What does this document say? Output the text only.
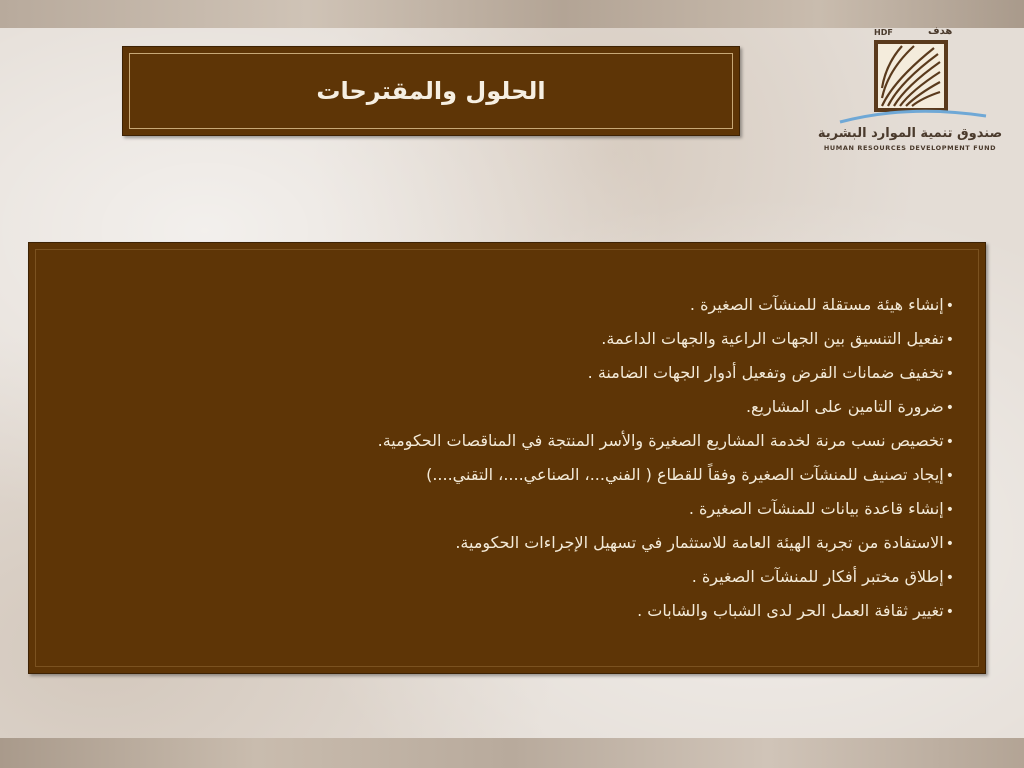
الحلول والمقترحات
HDF	هدف
صندوق تنمية الموارد البشرية
HUMAN RESOURCES DEVELOPMENT FUND
•إنشاء هيئة مستقلة للمنشآت الصغيرة .
•تفعيل التنسيق بين الجهات الراعية والجهات الداعمة.
•تخفيف ضمانات القرض وتفعيل أدوار الجهات الضامنة .
•ضرورة التامين على المشاريع.
•تخصيص نسب مرنة لخدمة المشاريع الصغيرة والأسر المنتجة في المناقصات الحكومية.
•إيجاد تصنيف للمنشآت الصغيرة وفقاً للقطاع ( الفني...، الصناعي....، التقني....)
•إنشاء قاعدة بيانات للمنشآت الصغيرة .
•الاستفادة من تجربة الهيئة العامة للاستثمار في تسهيل الإجراءات الحكومية.
•إطلاق مختبر أفكار للمنشآت الصغيرة .
•تغيير ثقافة العمل الحر لدى الشباب والشابات .
